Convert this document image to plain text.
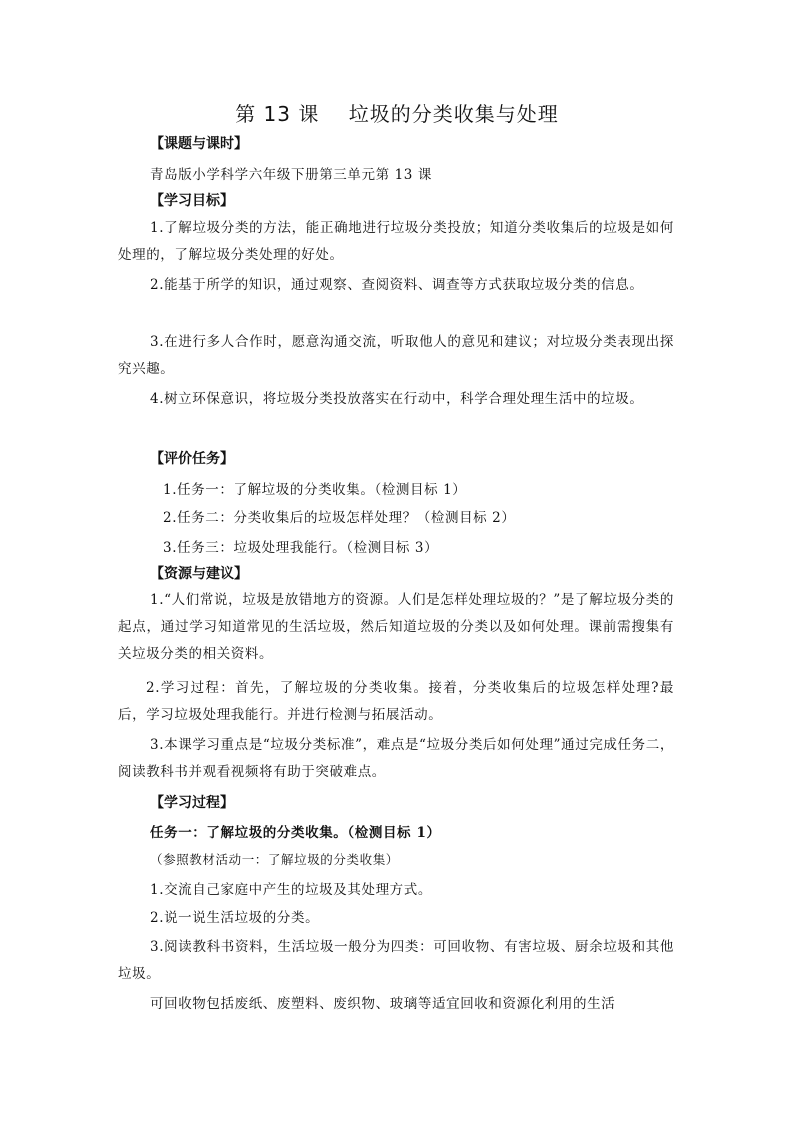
第 13 课    垃圾的分类收集与处理
【课题与课时】
青岛版小学科学六年级下册第三单元第 13 课
【学习目标】
1.了解垃圾分类的方法，能正确地进行垃圾分类投放；知道分类收集后的垃圾是如何处理的，了解垃圾分类处理的好处。
2.能基于所学的知识，通过观察、查阅资料、调查等方式获取垃圾分类的信息。
3.在进行多人合作时，愿意沟通交流，听取他人的意见和建议；对垃圾分类表现出探究兴趣。
4.树立环保意识，将垃圾分类投放落实在行动中，科学合理处理生活中的垃圾。
【评价任务】
1.任务一：了解垃圾的分类收集。（检测目标 1）
2.任务二：分类收集后的垃圾怎样处理？（检测目标 2）
3.任务三：垃圾处理我能行。（检测目标 3）
【资源与建议】
1.“人们常说，垃圾是放错地方的资源。人们是怎样处理垃圾的？”是了解垃圾分类的起点，通过学习知道常见的生活垃圾，然后知道垃圾的分类以及如何处理。课前需搜集有关垃圾分类的相关资料。
2.学习过程：首先，了解垃圾的分类收集。接着，分类收集后的垃圾怎样处理?最后，学习垃圾处理我能行。并进行检测与拓展活动。
3.本课学习重点是“垃圾分类标准”，难点是“垃圾分类后如何处理”通过完成任务二，阅读教科书并观看视频将有助于突破难点。
【学习过程】
任务一：了解垃圾的分类收集。（检测目标 1）
（参照教材活动一：了解垃圾的分类收集）
1.交流自己家庭中产生的垃圾及其处理方式。
2.说一说生活垃圾的分类。
3.阅读教科书资料，生活垃圾一般分为四类：可回收物、有害垃圾、厨余垃圾和其他垃圾。
可回收物包括废纸、废塑料、废织物、玻璃等适宜回收和资源化利用的生活
